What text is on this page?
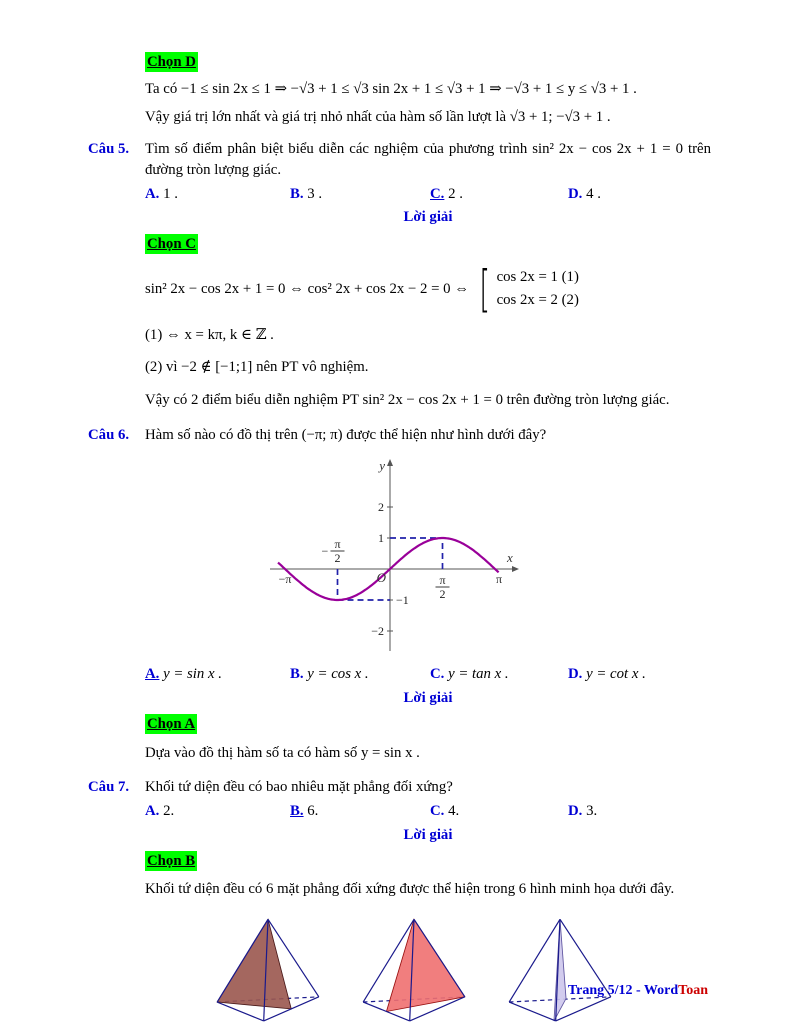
Chọn D
Ta có −1 ≤ sin 2x ≤ 1 ⇒ −√3 + 1 ≤ √3 sin 2x + 1 ≤ √3 + 1 ⇒ −√3 + 1 ≤ y ≤ √3 + 1 .
Vậy giá trị lớn nhất và giá trị nhỏ nhất của hàm số lần lượt là √3 + 1; −√3 + 1 .
Câu 5.	Tìm số điểm phân biệt biểu diễn các nghiệm của phương trình sin² 2x − cos 2x + 1 = 0 trên đường tròn lượng giác.
A. 1 .	B. 3 .	C. 2 .	D. 4 .
Lời giải
Chọn C
sin² 2x − cos 2x + 1 = 0 ⇔ cos² 2x + cos 2x − 2 = 0 ⇔ [ cos 2x = 1 (1)
cos 2x = 2 (2)
(1) ⇔ x = kπ, k ∈ ℤ .
(2) vì −2 ∉ [−1;1] nên PT vô nghiệm.
Vậy có 2 điểm biểu diễn nghiệm PT sin² 2x − cos 2x + 1 = 0 trên đường tròn lượng giác.
Câu 6.	Hàm số nào có đồ thị trên (−π; π) được thể hiện như hình dưới đây?
2
1
−1
−2
−π	π
− π
2
π
2
y
x
O
A. y = sin x .	B. y = cos x .	C. y = tan x .	D. y = cot x .
Lời giải
Chọn A
Dựa vào đồ thị hàm số ta có hàm số y = sin x .
Câu 7.	Khối tứ diện đều có bao nhiêu mặt phẳng đối xứng?
A. 2.	B. 6.	C. 4.	D. 3.
Lời giải
Chọn B
Khối tứ diện đều có 6 mặt phẳng đối xứng được thể hiện trong 6 hình minh họa dưới đây.
Trang 5/12 - WordToan
